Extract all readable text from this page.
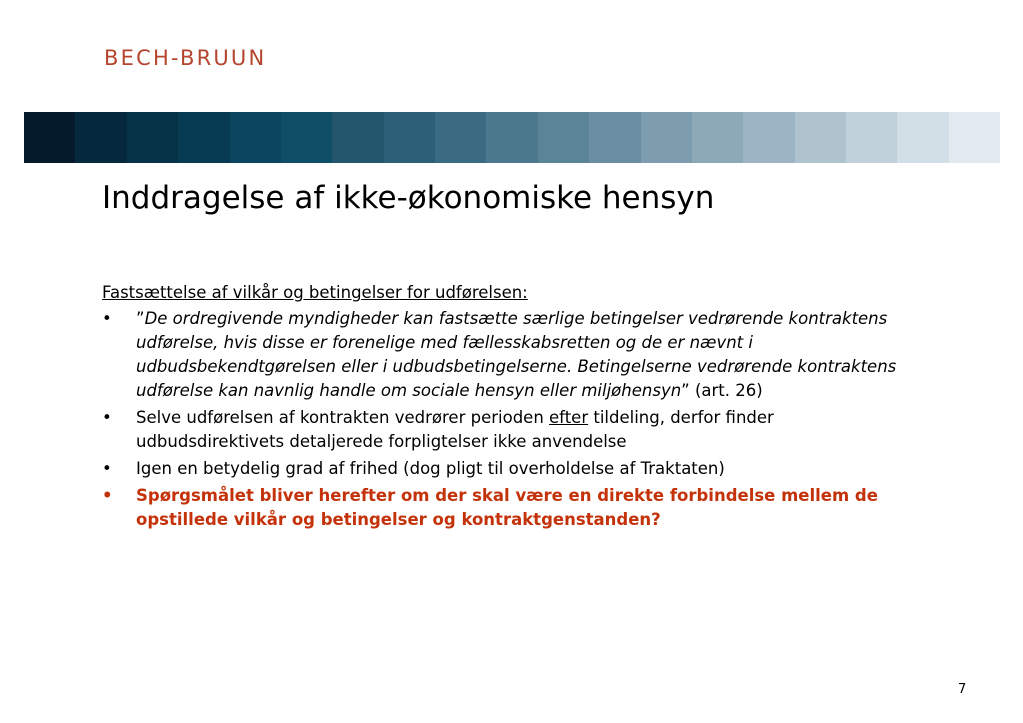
BECH-BRUUN
Inddragelse af ikke-økonomiske hensyn
Fastsættelse af vilkår og betingelser for udførelsen:
• ”De ordregivende myndigheder kan fastsætte særlige betingelser vedrørende kontraktens udførelse, hvis disse er forenelige med fællesskabsretten og de er nævnt i udbudsbekendtgørelsen eller i udbudsbetingelserne. Betingelserne vedrørende kontraktens udførelse kan navnlig handle om sociale hensyn eller miljøhensyn” (art. 26)
• Selve udførelsen af kontrakten vedrører perioden efter tildeling, derfor finder udbudsdirektivets detaljerede forpligtelser ikke anvendelse
• Igen en betydelig grad af frihed (dog pligt til overholdelse af Traktaten)
• Spørgsmålet bliver herefter om der skal være en direkte forbindelse mellem de opstillede vilkår og betingelser og kontraktgenstanden?
7
